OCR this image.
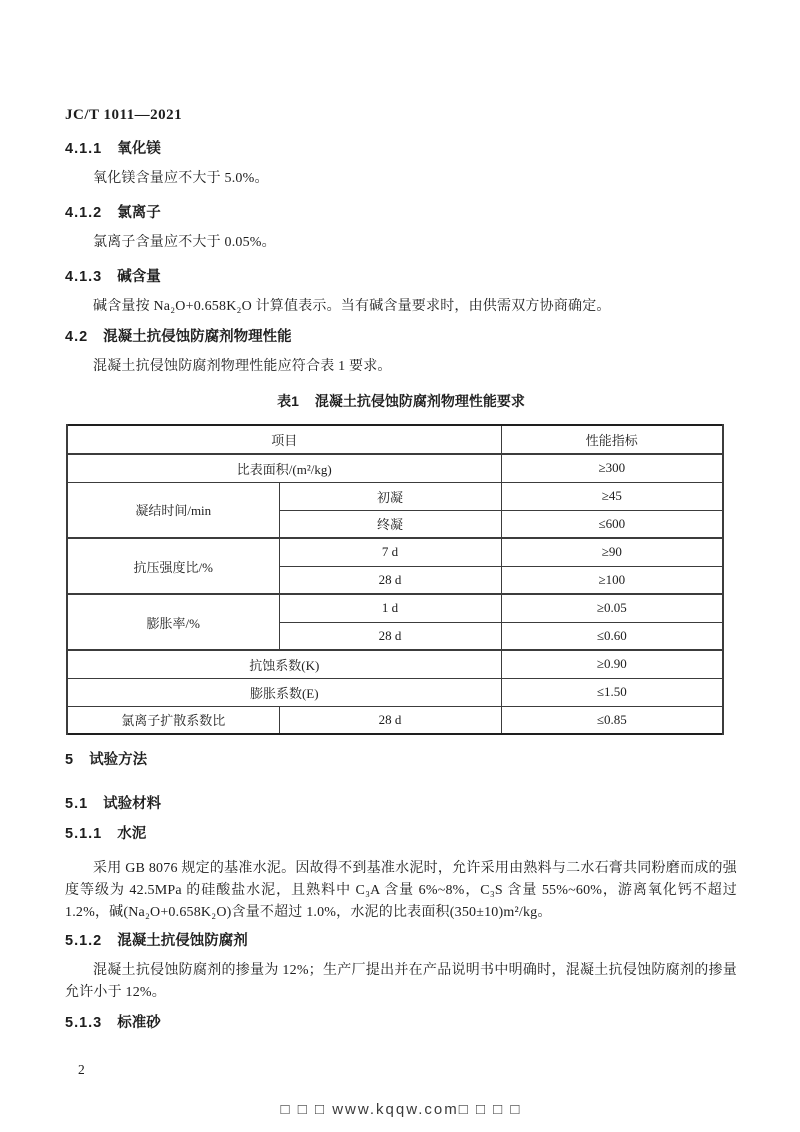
JC/T 1011—2021
4.1.1 氧化镁

氧化镁含量应不大于 5.0%。

4.1.2 氯离子

氯离子含量应不大于 0.05%。

4.1.3 碱含量

碱含量按 Na₂O+0.658K₂O 计算值表示。当有碱含量要求时，由供需双方协商确定。

4.2 混凝土抗侵蚀防腐剂物理性能

混凝土抗侵蚀防腐剂物理性能应符合表 1 要求。

表1 混凝土抗侵蚀防腐剂物理性能要求
项目		性能指标
比表面积/(m²/kg)		≥300
凝结时间/min	初凝	≥45
	终凝	≤600
抗压强度比/%	7 d	≥90
	28 d	≥100
膨胀率/%	1 d	≥0.05
	28 d	≤0.60
抗蚀系数(K)		≥0.90
膨胀系数(E)		≤1.50
氯离子扩散系数比	28 d	≤0.85
5 试验方法
5.1 试验材料
5.1.1 水泥

采用 GB 8076 规定的基准水泥。因故得不到基准水泥时，允许采用由熟料与二水石膏共同粉磨而成的强度等级为 42.5MPa 的硅酸盐水泥，且熟料中 C₃A 含量 6%~8%，C₃S 含量 55%~60%，游离氧化钙不超过 1.2%，碱(Na₂O+0.658K₂O)含量不超过 1.0%，水泥的比表面积(350±10)m²/kg。

5.1.2 混凝土抗侵蚀防腐剂

混凝土抗侵蚀防腐剂的掺量为 12%；生产厂提出并在产品说明书中明确时，混凝土抗侵蚀防腐剂的掺量允许小于 12%。

5.1.3 标准砂
2
□ □ □ www.kqqw.com□ □ □ □
